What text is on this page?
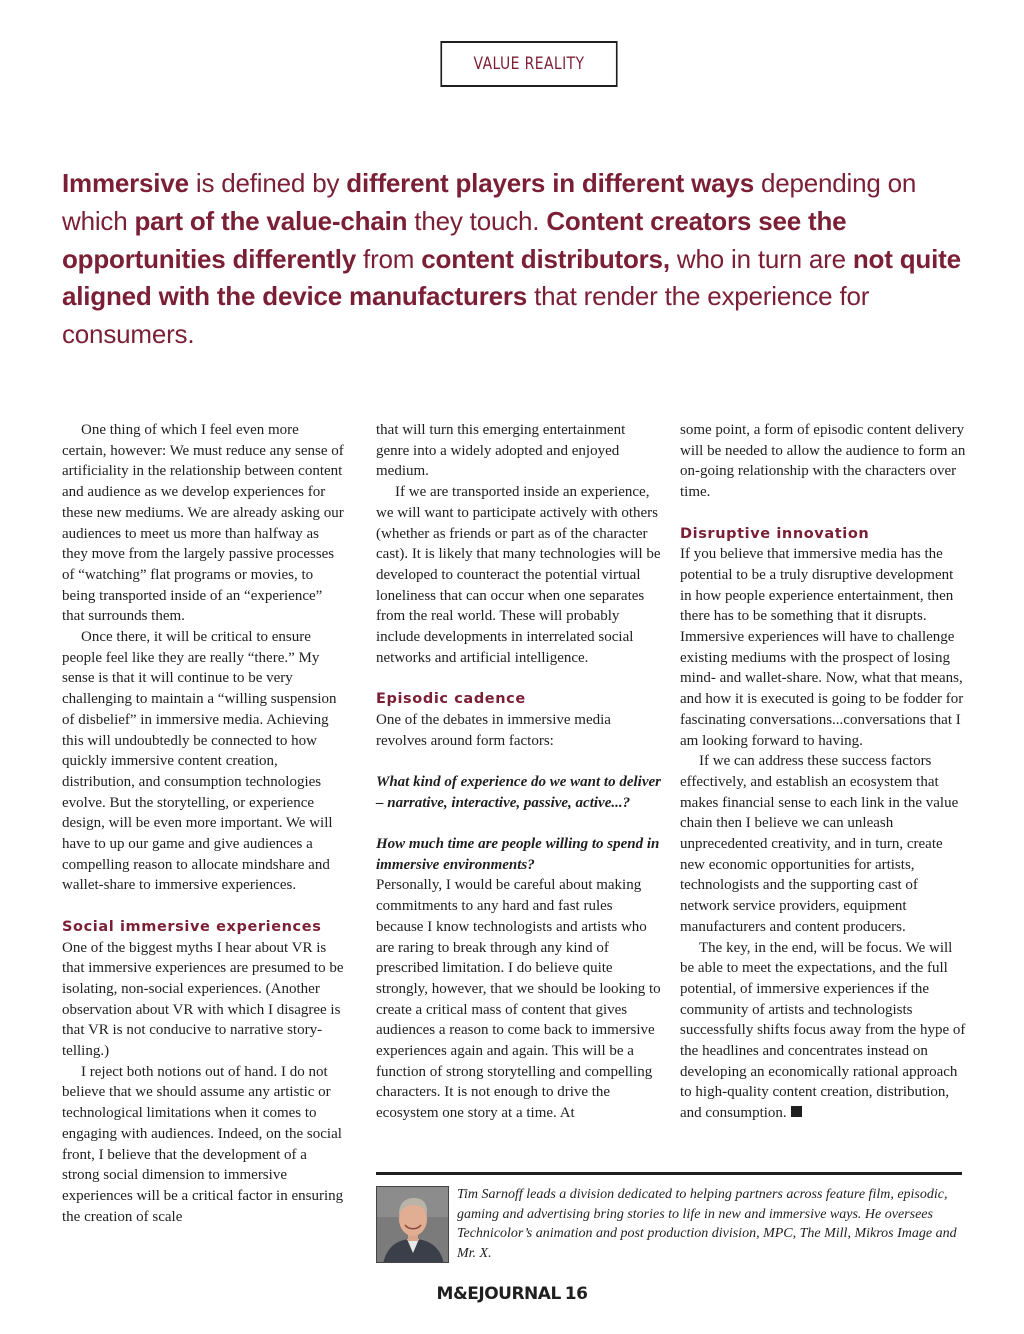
VALUE REALITY
Immersive is defined by different players in different ways depending on which part of the value-chain they touch. Content creators see the opportunities differently from content distributors, who in turn are not quite aligned with the device manufacturers that render the experience for consumers.

One thing of which I feel even more certain, however: We must reduce any sense of artificiality in the relationship between content and audience as we develop experiences for these new mediums. We are already asking our audiences to meet us more than halfway as they move from the largely passive processes of “watching” flat programs or movies, to being transported inside of an “experience” that surrounds them.

Once there, it will be critical to ensure people feel like they are really “there.” My sense is that it will continue to be very challenging to maintain a “willing suspension of disbelief” in immersive media. Achieving this will undoubtedly be connected to how quickly immersive content creation, distribution, and consumption technologies evolve. But the storytelling, or experience design, will be even more important. We will have to up our game and give audiences a compelling reason to allocate mindshare and wallet-share to immersive experiences.

Social immersive experiences

One of the biggest myths I hear about VR is that immersive experiences are presumed to be isolating, non-social experiences. (Another observation about VR with which I disagree is that VR is not conducive to narrative story-telling.)

I reject both notions out of hand. I do not believe that we should assume any artistic or technological limitations when it comes to engaging with audiences. Indeed, on the social front, I believe that the development of a strong social dimension to immersive experiences will be a critical factor in ensuring the creation of scale

that will turn this emerging entertainment genre into a widely adopted and enjoyed medium.

If we are transported inside an experience, we will want to participate actively with others (whether as friends or part as of the character cast). It is likely that many technologies will be developed to counteract the potential virtual loneliness that can occur when one separates from the real world. These will probably include developments in interrelated social networks and artificial intelligence.

Episodic cadence

One of the debates in immersive media revolves around form factors:

What kind of experience do we want to deliver – narrative, interactive, passive, active...?

How much time are people willing to spend in immersive environments?

Personally, I would be careful about making commitments to any hard and fast rules because I know technologists and artists who are raring to break through any kind of prescribed limitation. I do believe quite strongly, however, that we should be looking to create a critical mass of content that gives audiences a reason to come back to immersive experiences again and again. This will be a function of strong storytelling and compelling characters. It is not enough to drive the ecosystem one story at a time. At

some point, a form of episodic content delivery will be needed to allow the audience to form an on-going relationship with the characters over time.

Disruptive innovation

If you believe that immersive media has the potential to be a truly disruptive development in how people experience entertainment, then there has to be something that it disrupts. Immersive experiences will have to challenge existing mediums with the prospect of losing mind- and wallet-share. Now, what that means, and how it is executed is going to be fodder for fascinating conversations...conversations that I am looking forward to having.

If we can address these success factors effectively, and establish an ecosystem that makes financial sense to each link in the value chain then I believe we can unleash unprecedented creativity, and in turn, create new economic opportunities for artists, technologists and the supporting cast of network service providers, equipment manufacturers and content producers.

The key, in the end, will be focus. We will be able to meet the expectations, and the full potential, of immersive experiences if the community of artists and technologists successfully shifts focus away from the hype of the headlines and concentrates instead on developing an economically rational approach to high-quality content creation, distribution, and consumption.

Tim Sarnoff leads a division dedicated to helping partners across feature film, episodic, gaming and advertising bring stories to life in new and immersive ways. He oversees Technicolor’s animation and post production division, MPC, The Mill, Mikros Image and Mr. X.
M&EJOURNAL 16
